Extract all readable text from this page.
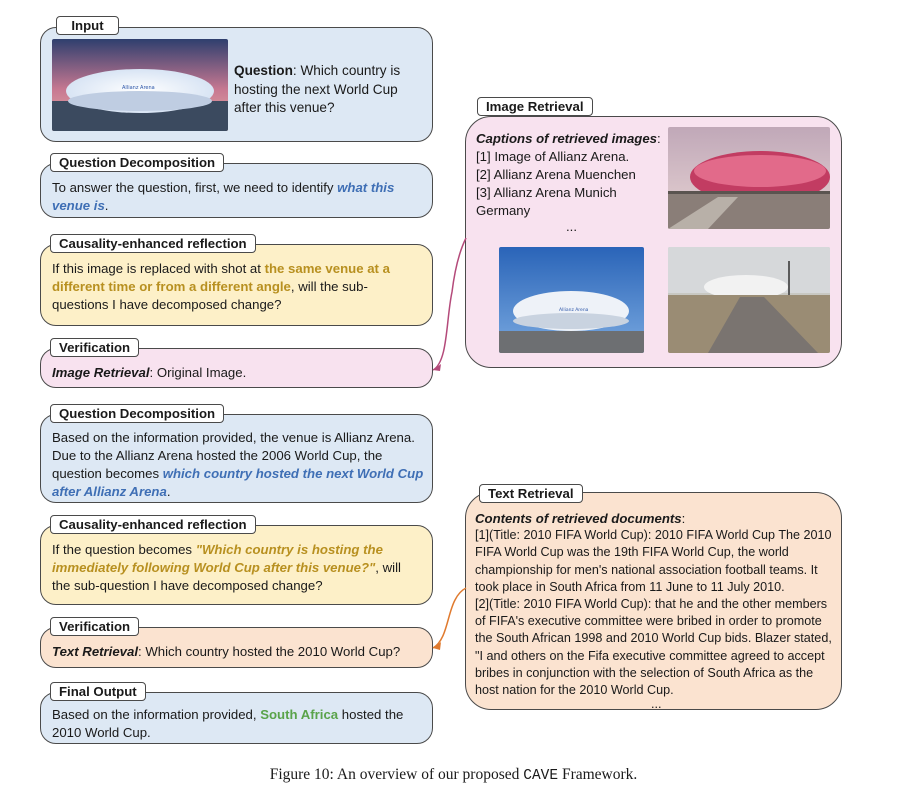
Allianz Arena
Question: Which country is hosting the next World Cup after this venue?
Input
To answer the question, first, we need to identify what this venue is.
Question Decomposition
If this image is replaced with shot at the same venue at a different time or from a different angle, will the sub-questions I have decomposed change?
Causality-enhanced reflection
Image Retrieval: Original Image.
Verification
Based on the information provided, the venue is Allianz Arena. Due to the Allianz Arena hosted the 2006 World Cup, the question becomes which country hosted the next World Cup after Allianz Arena.
Question Decomposition
If the question becomes "Which country is hosting the immediately following World Cup after this venue?", will the sub-question I have decomposed change?
Causality-enhanced reflection
Text Retrieval: Which country hosted the 2010 World Cup?
Verification
Based on the information provided, South Africa hosted the 2010 World Cup.
Final Output
Captions of retrieved images:
[1] Image of Allianz Arena.
[2] Allianz Arena Muenchen
[3] Allianz Arena Munich Germany
...
Allianz Arena
Image Retrieval
Contents of retrieved documents:
[1](Title: 2010 FIFA World Cup): 2010 FIFA World Cup The 2010 FIFA World Cup was the 19th FIFA World Cup, the world championship for men's national association football teams. It took place in South Africa from 11 June to 11 July 2010.
[2](Title: 2010 FIFA World Cup): that he and the other members of FIFA's executive committee were bribed in order to promote the South African 1998 and 2010 World Cup bids. Blazer stated, "I and others on the Fifa executive committee agreed to accept bribes in conjunction with the selection of South Africa as the host nation for the 2010 World Cup.
...
Text Retrieval
Figure 10: An overview of our proposed CAVE Framework.
